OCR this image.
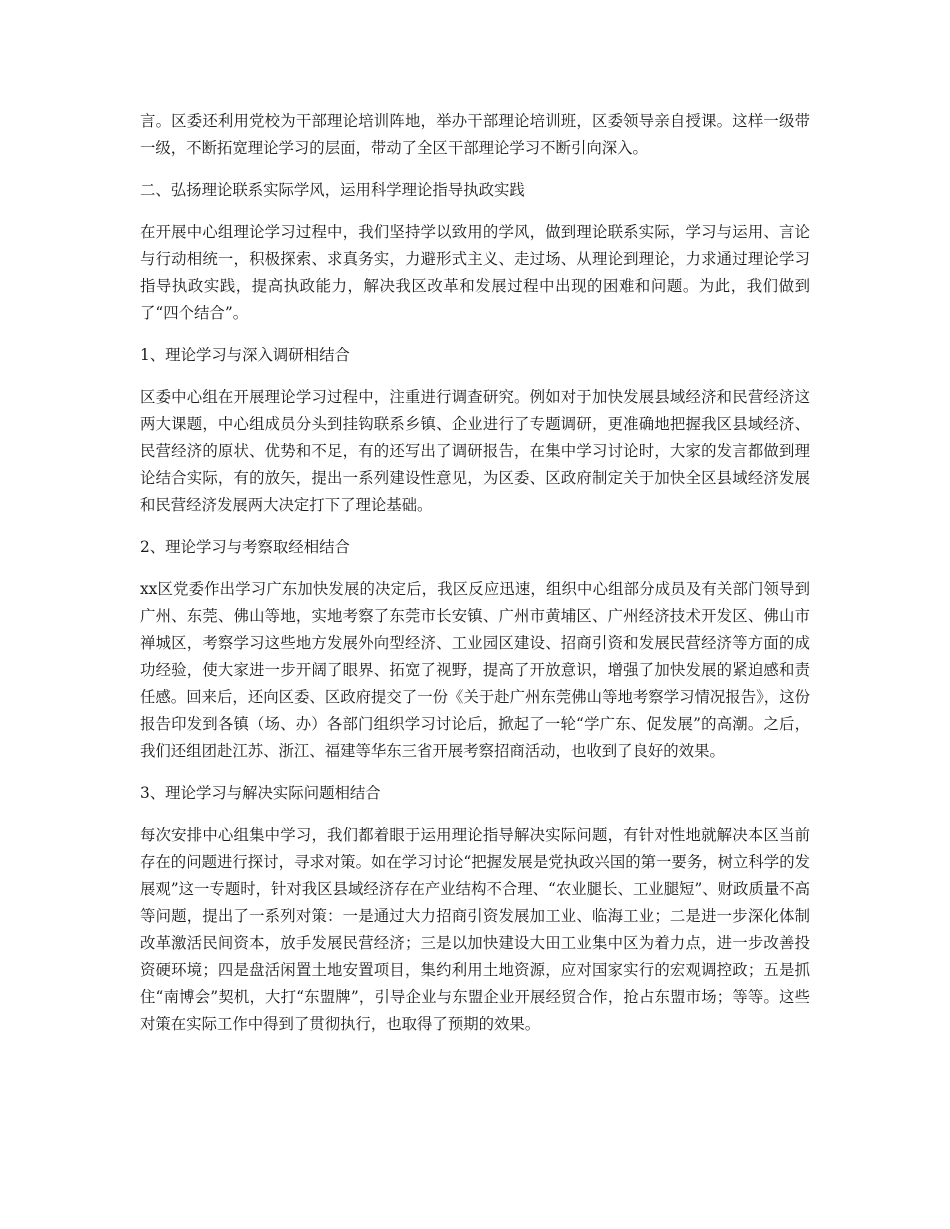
言。区委还利用党校为干部理论培训阵地，举办干部理论培训班，区委领导亲自授课。这样一级带一级，不断拓宽理论学习的层面，带动了全区干部理论学习不断引向深入。

二、弘扬理论联系实际学风，运用科学理论指导执政实践

在开展中心组理论学习过程中，我们坚持学以致用的学风，做到理论联系实际，学习与运用、言论与行动相统一，积极探索、求真务实，力避形式主义、走过场、从理论到理论，力求通过理论学习指导执政实践，提高执政能力，解决我区改革和发展过程中出现的困难和问题。为此，我们做到了“四个结合”。

1、理论学习与深入调研相结合

区委中心组在开展理论学习过程中，注重进行调查研究。例如对于加快发展县域经济和民营经济这两大课题，中心组成员分头到挂钩联系乡镇、企业进行了专题调研，更准确地把握我区县域经济、民营经济的原状、优势和不足，有的还写出了调研报告，在集中学习讨论时，大家的发言都做到理论结合实际，有的放矢，提出一系列建设性意见，为区委、区政府制定关于加快全区县域经济发展和民营经济发展两大决定打下了理论基础。

2、理论学习与考察取经相结合

xx区党委作出学习广东加快发展的决定后，我区反应迅速，组织中心组部分成员及有关部门领导到广州、东莞、佛山等地，实地考察了东莞市长安镇、广州市黄埔区、广州经济技术开发区、佛山市禅城区，考察学习这些地方发展外向型经济、工业园区建设、招商引资和发展民营经济等方面的成功经验，使大家进一步开阔了眼界、拓宽了视野，提高了开放意识，增强了加快发展的紧迫感和责任感。回来后，还向区委、区政府提交了一份《关于赴广州东莞佛山等地考察学习情况报告》，这份报告印发到各镇（场、办）各部门组织学习讨论后，掀起了一轮“学广东、促发展”的高潮。之后，我们还组团赴江苏、浙江、福建等华东三省开展考察招商活动，也收到了良好的效果。

3、理论学习与解决实际问题相结合

每次安排中心组集中学习，我们都着眼于运用理论指导解决实际问题，有针对性地就解决本区当前存在的问题进行探讨，寻求对策。如在学习讨论“把握发展是党执政兴国的第一要务，树立科学的发展观”这一专题时，针对我区县域经济存在产业结构不合理、“农业腿长、工业腿短”、财政质量不高等问题，提出了一系列对策：一是通过大力招商引资发展加工业、临海工业；二是进一步深化体制改革激活民间资本，放手发展民营经济；三是以加快建设大田工业集中区为着力点，进一步改善投资硬环境；四是盘活闲置土地安置项目，集约利用土地资源，应对国家实行的宏观调控政；五是抓住“南博会”契机，大打“东盟牌”，引导企业与东盟企业开展经贸合作，抢占东盟市场；等等。这些对策在实际工作中得到了贯彻执行，也取得了预期的效果。
